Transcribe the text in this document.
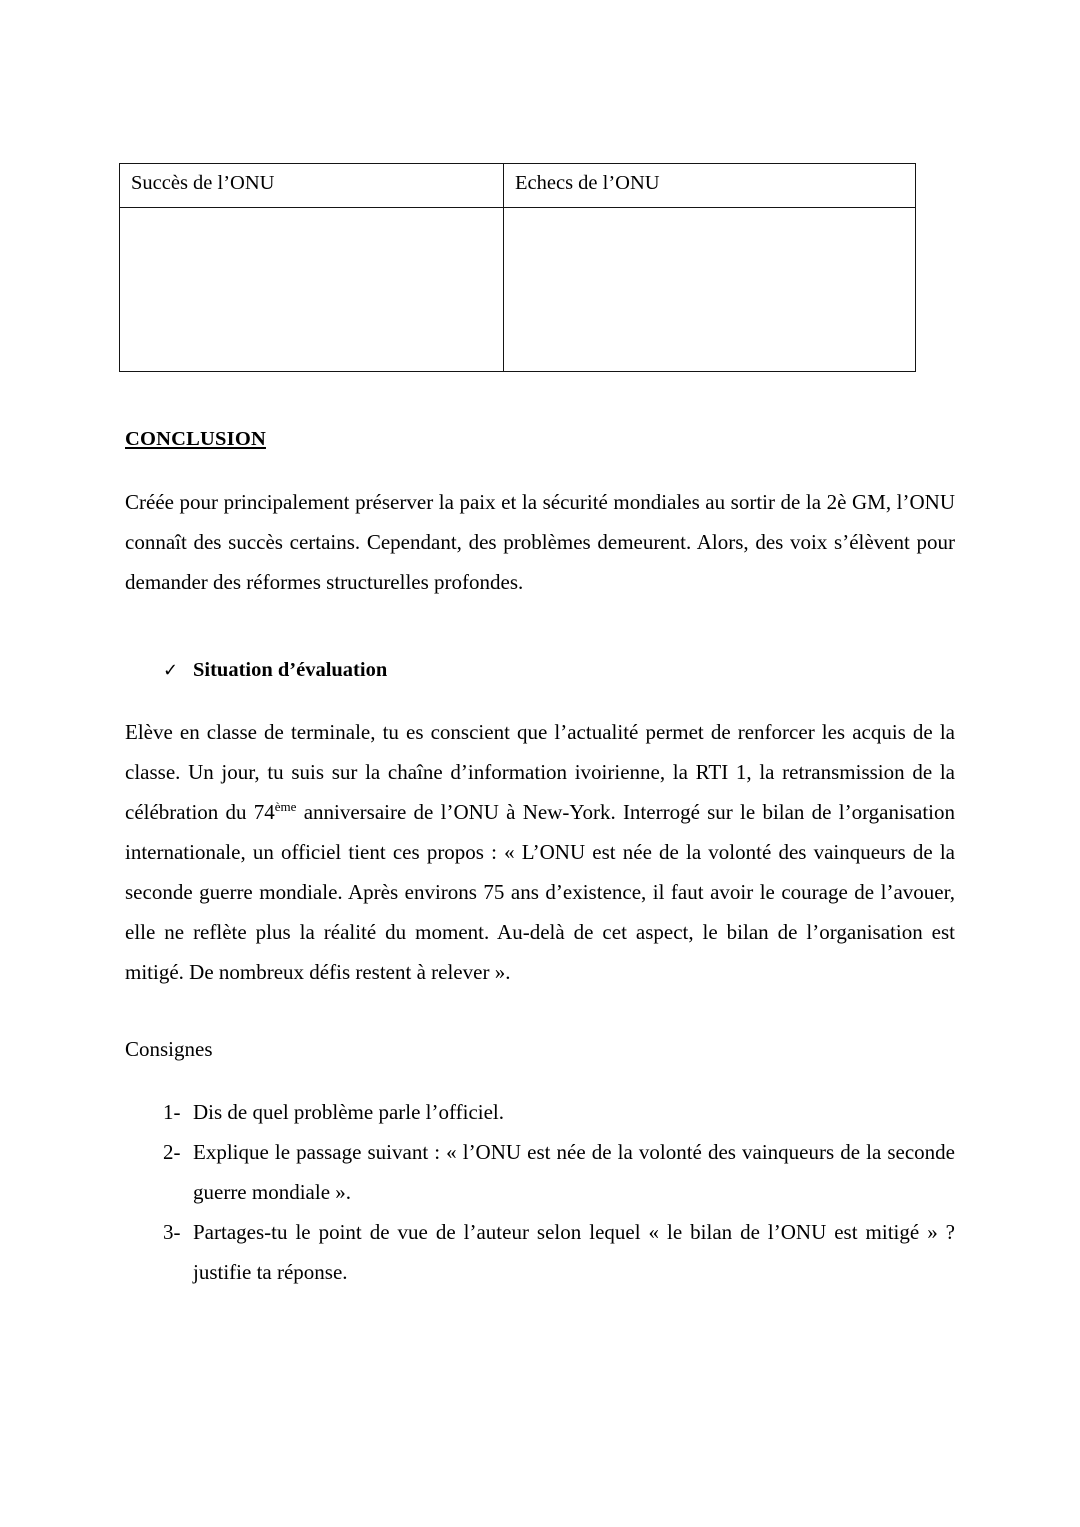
Succès de l’ONU	Echecs de l’ONU

CONCLUSION
Créée pour principalement préserver la paix et la sécurité mondiales au sortir de la 2è GM, l’ONU connaît des succès certains. Cependant, des problèmes demeurent. Alors, des voix s’élèvent pour demander des réformes structurelles profondes.
✓ Situation d’évaluation
Elève en classe de terminale, tu es conscient que l’actualité permet de renforcer les acquis de la classe. Un jour, tu suis sur la chaîne d’information ivoirienne, la RTI 1, la retransmission de la célébration du 74ème anniversaire de l’ONU à New-York. Interrogé sur le bilan de l’organisation internationale, un officiel tient ces propos : « L’ONU est née de la volonté des vainqueurs de la seconde guerre mondiale. Après environs 75 ans d’existence, il faut avoir le courage de l’avouer, elle ne reflète plus la réalité du moment. Au-delà de cet aspect, le bilan de l’organisation est mitigé. De nombreux défis restent à relever ».
Consignes
1- Dis de quel problème parle l’officiel.
2- Explique le passage suivant : « l’ONU est née de la volonté des vainqueurs de la seconde guerre mondiale ».
3- Partages-tu le point de vue de l’auteur selon lequel « le bilan de l’ONU est mitigé » ? justifie ta réponse.
